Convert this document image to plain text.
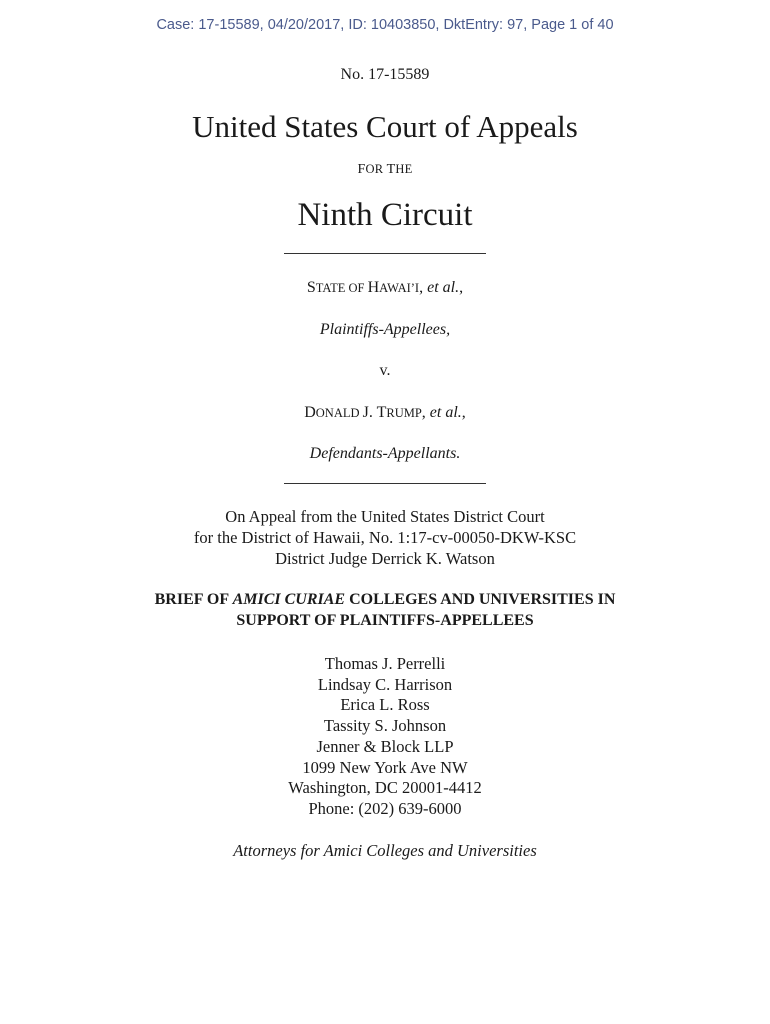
Case: 17-15589, 04/20/2017, ID: 10403850, DktEntry: 97, Page 1 of 40
No. 17-15589
United States Court of Appeals
FOR THE
Ninth Circuit
STATE OF HAWAI’I, et al.,
Plaintiffs-Appellees,
v.
DONALD J. TRUMP, et al.,
Defendants-Appellants.
On Appeal from the United States District Court
for the District of Hawaii, No. 1:17-cv-00050-DKW-KSC
District Judge Derrick K. Watson
BRIEF OF AMICI CURIAE COLLEGES AND UNIVERSITIES IN
SUPPORT OF PLAINTIFFS-APPELLEES
Thomas J. Perrelli
Lindsay C. Harrison
Erica L. Ross
Tassity S. Johnson
Jenner & Block LLP
1099 New York Ave NW
Washington, DC 20001-4412
Phone: (202) 639-6000
Attorneys for Amici Colleges and Universities
